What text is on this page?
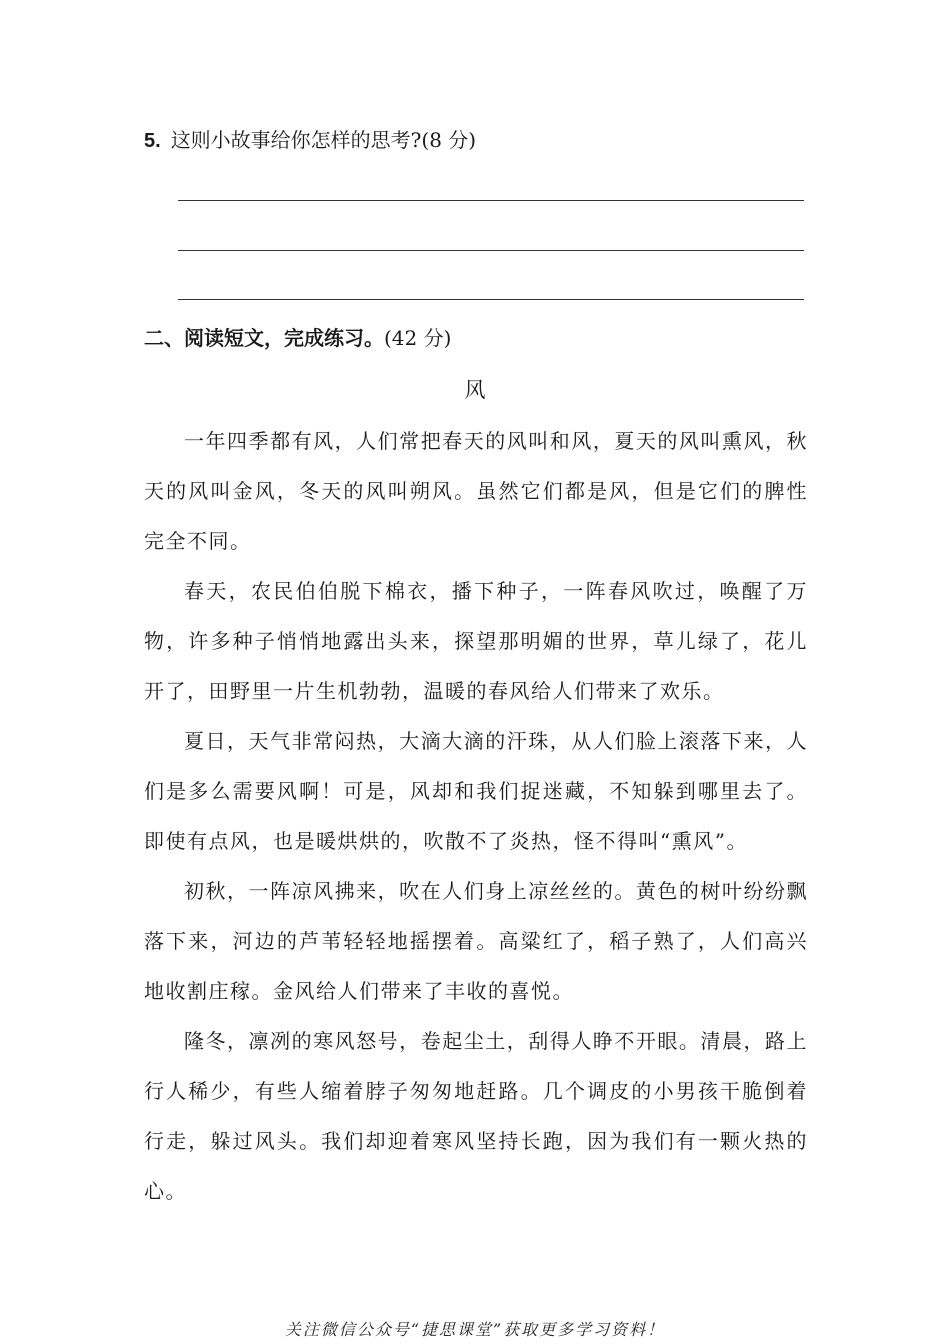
5. 这则小故事给你怎样的思考?(8 分)
二、阅读短文，完成练习。(42 分)
风

一年四季都有风，人们常把春天的风叫和风，夏天的风叫熏风，秋天的风叫金风，冬天的风叫朔风。虽然它们都是风，但是它们的脾性完全不同。

春天，农民伯伯脱下棉衣，播下种子，一阵春风吹过，唤醒了万物，许多种子悄悄地露出头来，探望那明媚的世界，草儿绿了，花儿开了，田野里一片生机勃勃，温暖的春风给人们带来了欢乐。

夏日，天气非常闷热，大滴大滴的汗珠，从人们脸上滚落下来，人们是多么需要风啊！可是，风却和我们捉迷藏，不知躲到哪里去了。即使有点风，也是暖烘烘的，吹散不了炎热，怪不得叫“熏风”。

初秋，一阵凉风拂来，吹在人们身上凉丝丝的。黄色的树叶纷纷飘落下来，河边的芦苇轻轻地摇摆着。高粱红了，稻子熟了，人们高兴地收割庄稼。金风给人们带来了丰收的喜悦。

隆冬，凛冽的寒风怒号，卷起尘土，刮得人睁不开眼。清晨，路上行人稀少，有些人缩着脖子匆匆地赶路。几个调皮的小男孩干脆倒着行走，躲过风头。我们却迎着寒风坚持长跑，因为我们有一颗火热的心。

关注微信公众号“捷思课堂”获取更多学习资料！
